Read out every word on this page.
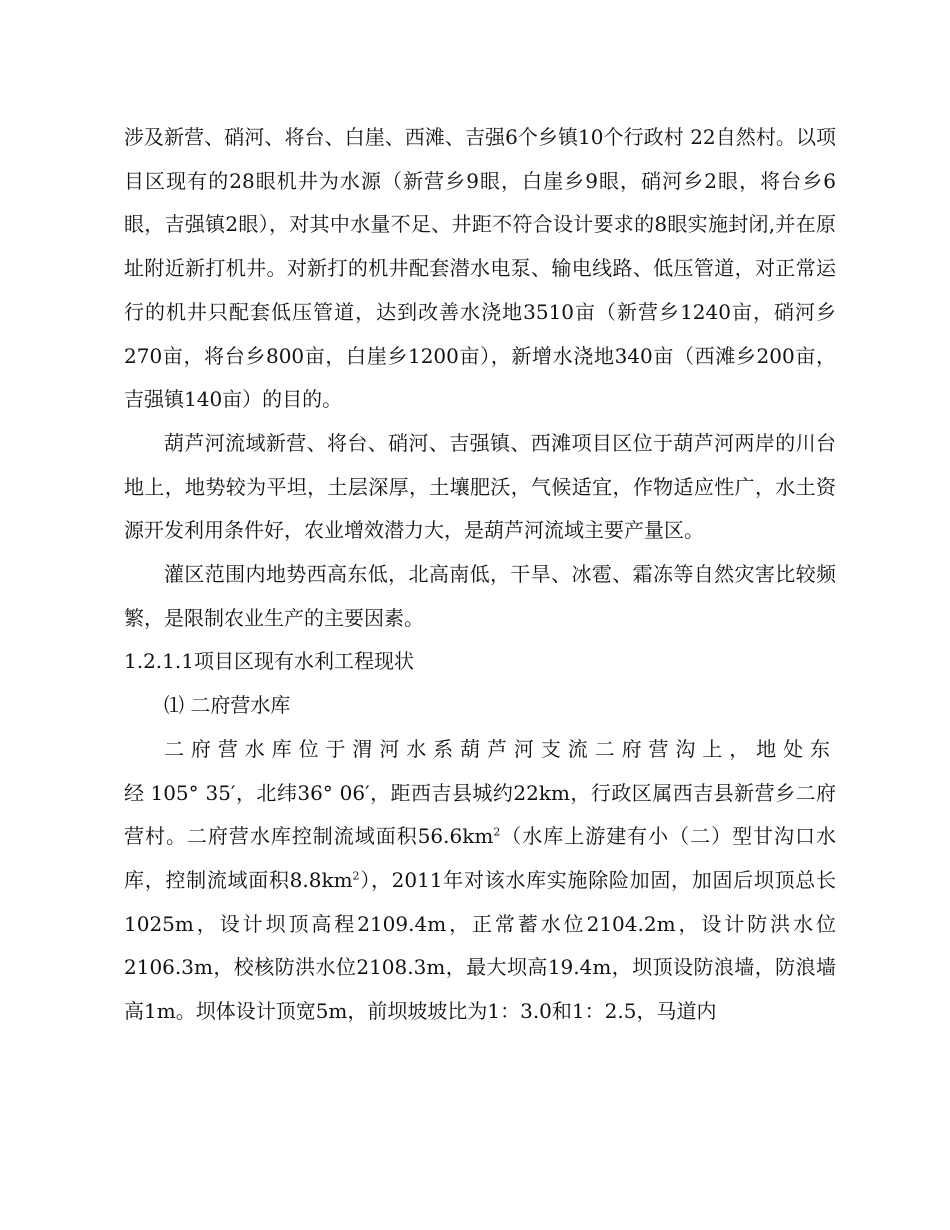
涉及新营、硝河、将台、白崖、西滩、吉强6个乡镇10个行政村 22自然村。以项目区现有的28眼机井为水源（新营乡9眼，白崖乡9眼，硝河乡2眼，将台乡6眼，吉强镇2眼），对其中水量不足、井距不符合设计要求的8眼实施封闭,并在原址附近新打机井。对新打的机井配套潜水电泵、输电线路、低压管道，对正常运行的机井只配套低压管道，达到改善水浇地3510亩（新营乡1240亩，硝河乡270亩，将台乡800亩，白崖乡1200亩），新增水浇地340亩（西滩乡200亩，吉强镇140亩）的目的。

葫芦河流域新营、将台、硝河、吉强镇、西滩项目区位于葫芦河两岸的川台地上，地势较为平坦，土层深厚，土壤肥沃，气候适宜，作物适应性广，水土资源开发利用条件好，农业增效潜力大，是葫芦河流域主要产量区。

灌区范围内地势西高东低，北高南低，干旱、冰雹、霜冻等自然灾害比较频繁，是限制农业生产的主要因素。

1.2.1.1项目区现有水利工程现状

⑴ 二府营水库

二府营水库位于渭河水系葫芦河支流二府营沟上，地处东经105° 35′，北纬36° 06′，距西吉县城约22km，行政区属西吉县新营乡二府营村。二府营水库控制流域面积$56.6km^2$（水库上游建有小（二）型甘沟口水库，控制流域面积$8.8km^2$），2011年对该水库实施除险加固，加固后坝顶总长1025m，设计坝顶高程2109.4m，正常蓄水位2104.2m，设计防洪水位2106.3m，校核防洪水位2108.3m，最大坝高19.4m，坝顶设防浪墙，防浪墙高1m。坝体设计顶宽5m，前坝坡坡比为1：3.0和1：2.5，马道内
